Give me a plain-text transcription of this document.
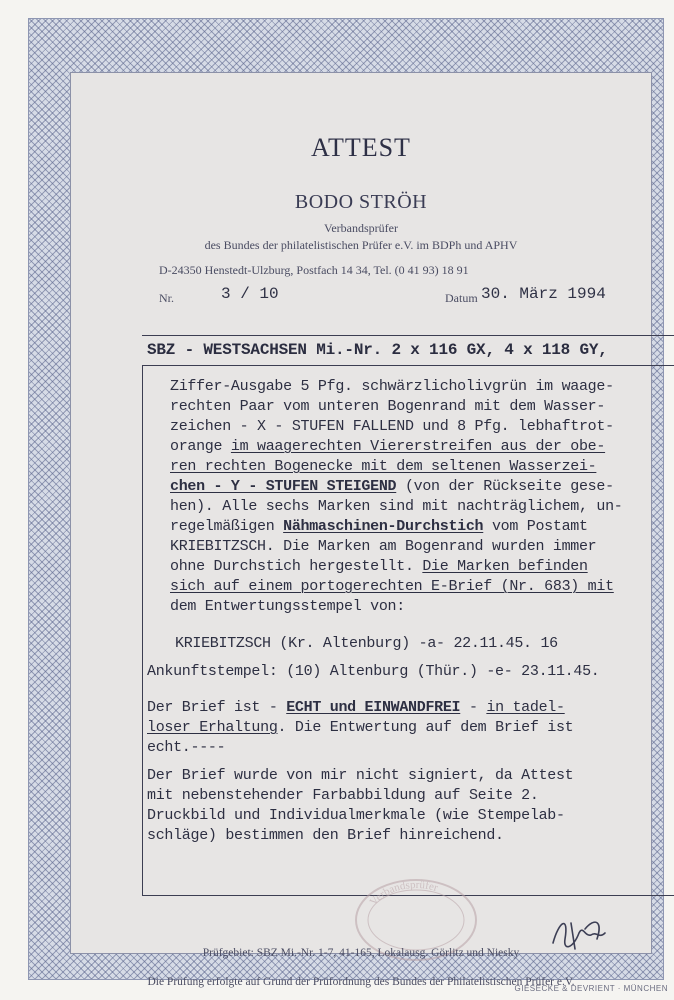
ATTEST
BODO STRÖH
Verbandsprüfer
des Bundes der philatelistischen Prüfer e.V. im BDPh und APHV
D-24350 Henstedt-Ulzburg, Postfach 14 34, Tel. (0 41 93) 18 91
Nr.	3 / 10	Datum 30. März 1994
SBZ - WESTSACHSEN Mi.-Nr. 2 x 116 GX, 4 x 118 GY,
Ziffer-Ausgabe 5 Pfg. schwärzlicholivgrün im waage-
rechten Paar vom unteren Bogenrand mit dem Wasser-
zeichen - X - STUFEN FALLEND und 8 Pfg. lebhaftrot-
orange im waagerechten Viererstreifen aus der obe-
ren rechten Bogenecke mit dem seltenen Wasserzei-
chen - Y - STUFEN STEIGEND (von der Rückseite gese-
hen). Alle sechs Marken sind mit nachträglichem, un-
regelmäßigen Nähmaschinen-Durchstich vom Postamt
KRIEBITZSCH. Die Marken am Bogenrand wurden immer
ohne Durchstich hergestellt. Die Marken befinden
sich auf einem portogerechten E-Brief (Nr. 683) mit
dem Entwertungsstempel von:
KRIEBITZSCH (Kr. Altenburg) -a- 22.11.45. 16
Ankunftstempel: (10) Altenburg (Thür.) -e- 23.11.45.
Der Brief ist - ECHT und EINWANDFREI - in tadel-
loser Erhaltung. Die Entwertung auf dem Brief ist
echt.----
Der Brief wurde von mir nicht signiert, da Attest
mit nebenstehender Farbabbildung auf Seite 2.
Druckbild und Individualmerkmale (wie Stempelab-
schläge) bestimmen den Brief hinreichend.
Verbandsprüfer
Prüfgebiet: SBZ Mi.-Nr. 1-7, 41-165, Lokalausg. Görlitz und Niesky
Die Prüfung erfolgte auf Grund der Prüfordnung des Bundes der Philatelistischen Prüfer e.V.
GIESECKE & DEVRIENT · MÜNCHEN
